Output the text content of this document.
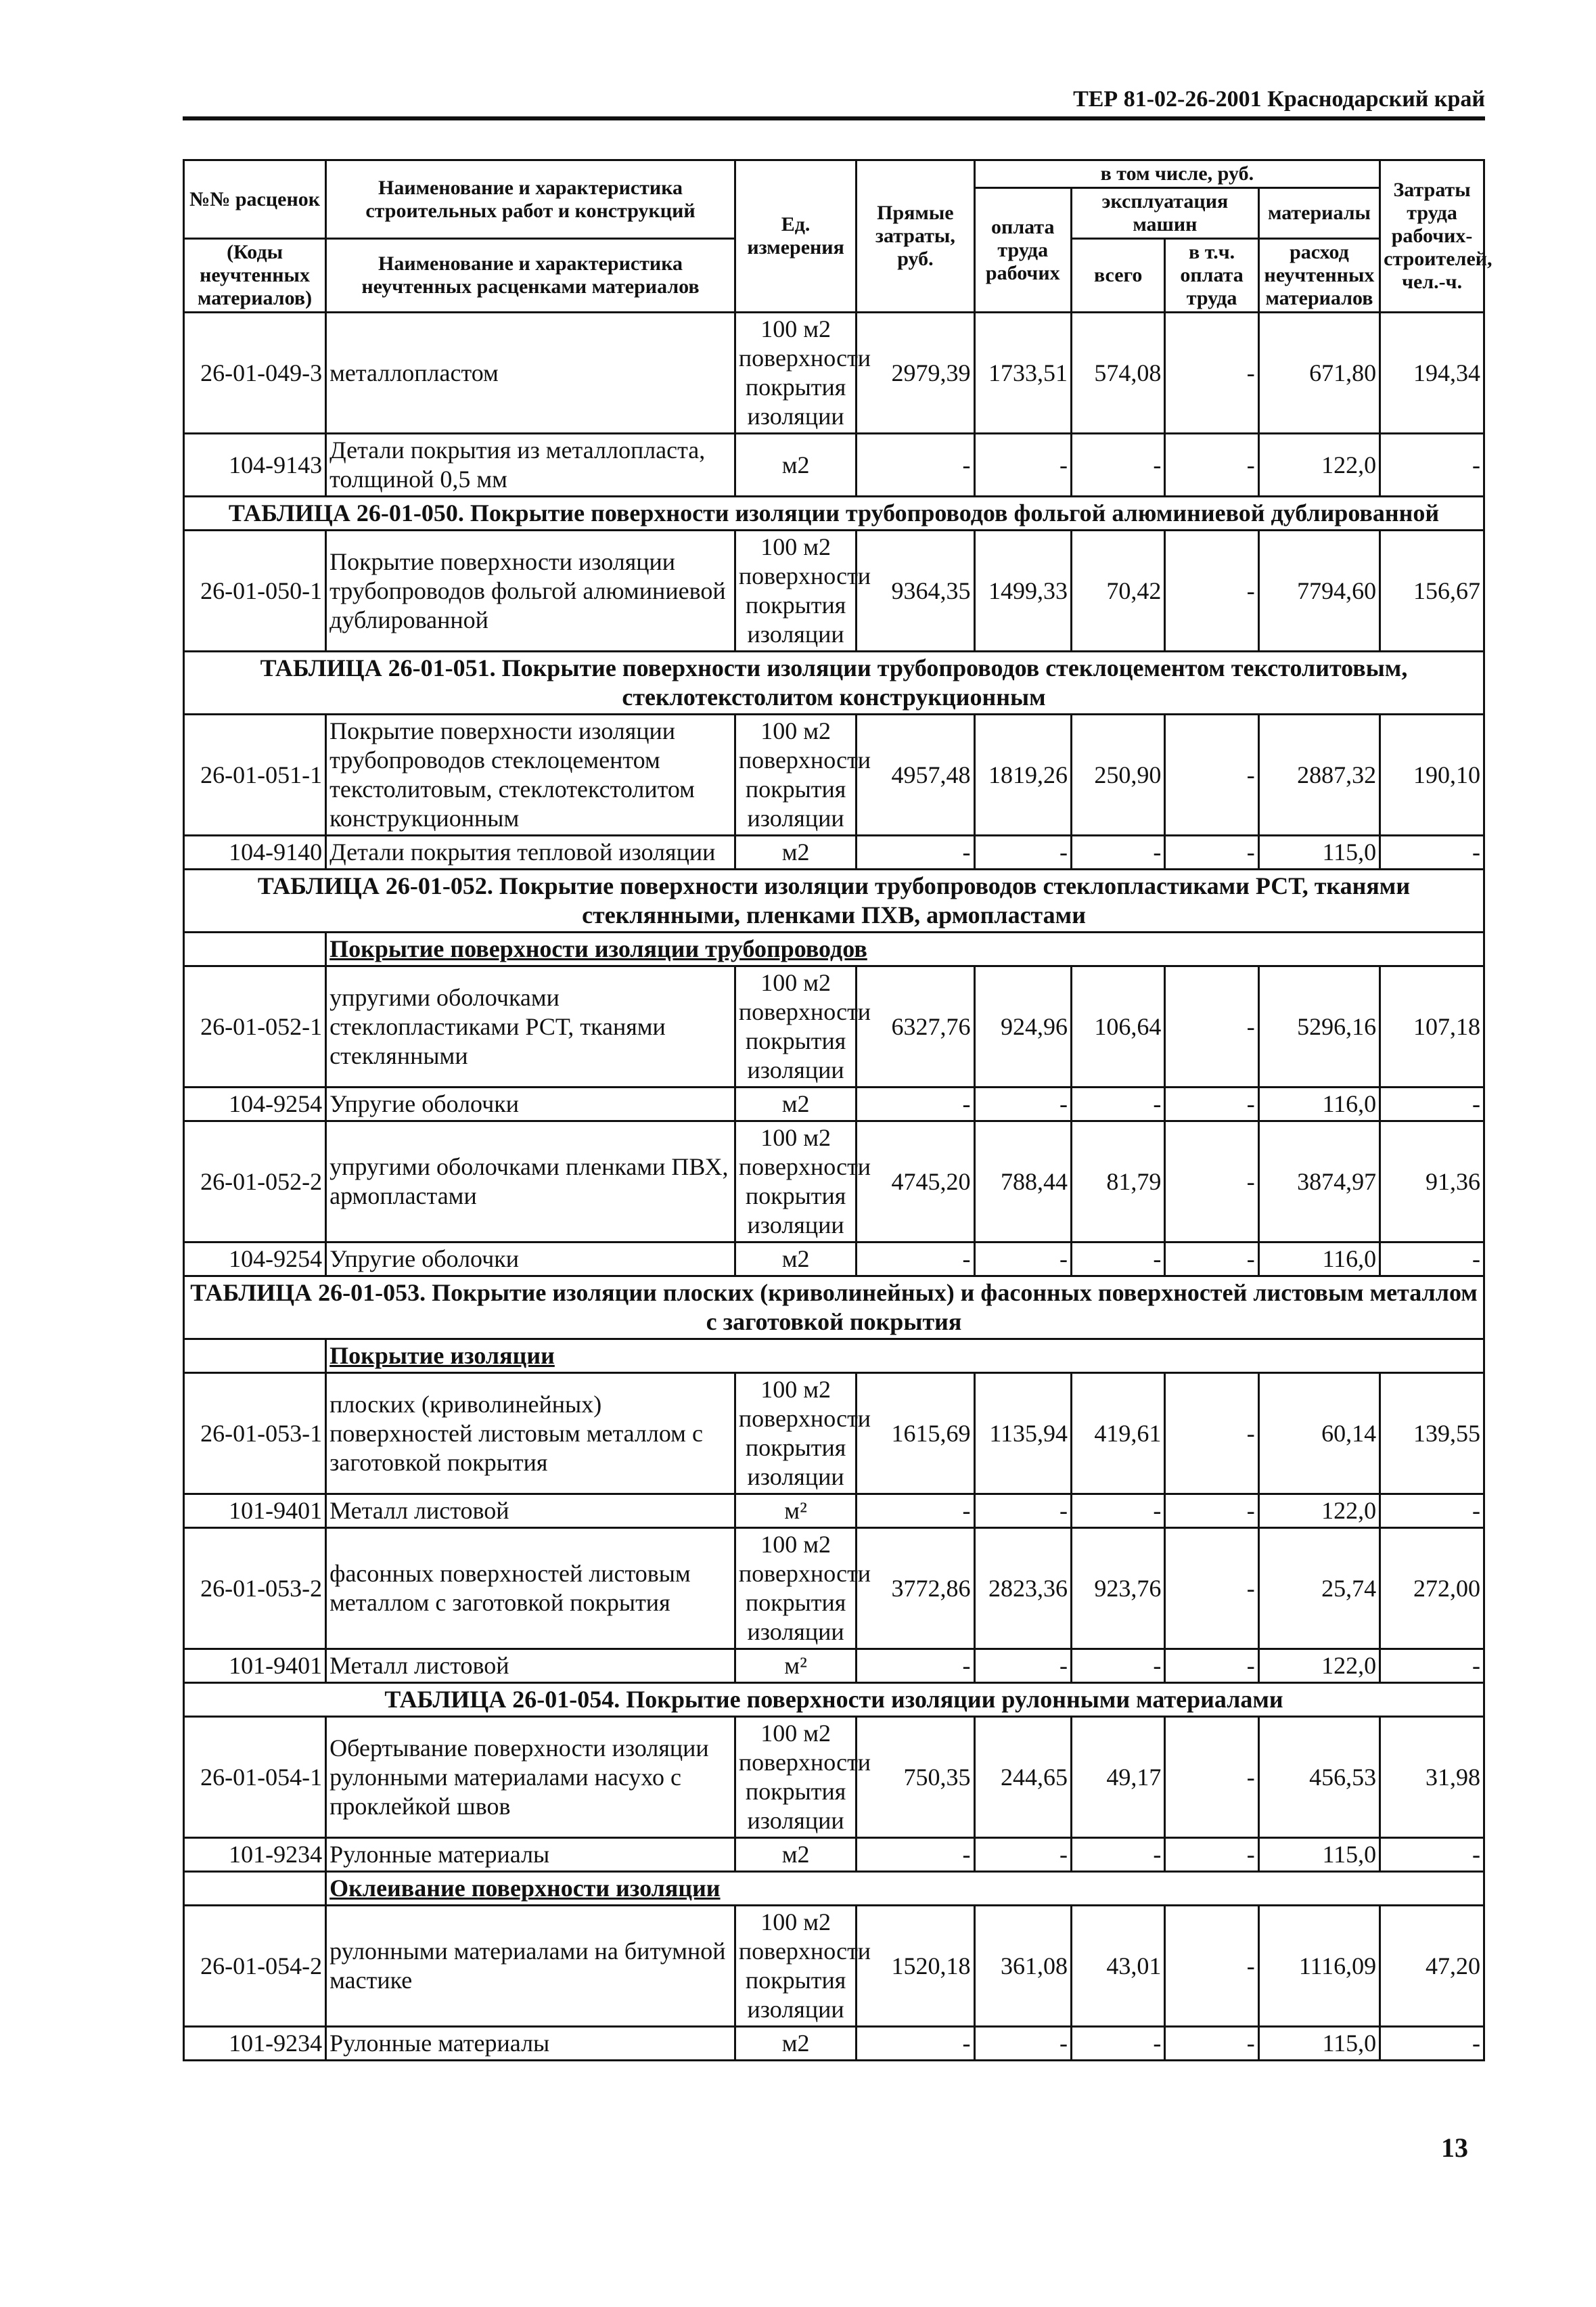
ТЕР 81-02-26-2001 Краснодарский край
№№ расценок	Наименование и характеристика строительных работ и конструкций	Ед. измерения	Прямые затраты, руб.	в том числе, руб.				Затраты труда рабочих-строителей, чел.-ч.
				оплата труда рабочих	эксплуатация машин		материалы	
(Коды неучтенных материалов)	Наименование и характеристика неучтенных расценками материалов				всего	в т.ч. оплата труда	расход неучтенных материалов	

26-01-049-3	металлопластом	100 м2 поверхности покрытия изоляции	2979,39	1733,51	574,08	-	671,80	194,34
104-9143	Детали покрытия из металлопласта, толщиной 0,5 мм	м2	-	-	-	-	122,0	-
ТАБЛИЦА 26-01-050. Покрытие поверхности изоляции трубопроводов фольгой алюминиевой дублированной								
26-01-050-1	Покрытие поверхности изоляции трубопроводов фольгой алюминиевой дублированной	100 м2 поверхности покрытия изоляции	9364,35	1499,33	70,42	-	7794,60	156,67
ТАБЛИЦА 26-01-051. Покрытие поверхности изоляции трубопроводов стеклоцементом текстолитовым, стеклотекстолитом конструкционным								
26-01-051-1	Покрытие поверхности изоляции трубопроводов стеклоцементом текстолитовым, стеклотекстолитом конструкционным	100 м2 поверхности покрытия изоляции	4957,48	1819,26	250,90	-	2887,32	190,10
104-9140	Детали покрытия тепловой изоляции	м2	-	-	-	-	115,0	-
ТАБЛИЦА 26-01-052. Покрытие поверхности изоляции трубопроводов стеклопластиками РСТ, тканями стеклянными, пленками ПХВ, армопластами								
	Покрытие поверхности изоляции трубопроводов							
26-01-052-1	упругими оболочками стеклопластиками РСТ, тканями стеклянными	100 м2 поверхности покрытия изоляции	6327,76	924,96	106,64	-	5296,16	107,18
104-9254	Упругие оболочки	м2	-	-	-	-	116,0	-
26-01-052-2	упругими оболочками пленками ПВХ, армопластами	100 м2 поверхности покрытия изоляции	4745,20	788,44	81,79	-	3874,97	91,36
104-9254	Упругие оболочки	м2	-	-	-	-	116,0	-
ТАБЛИЦА 26-01-053. Покрытие изоляции плоских (криволинейных) и фасонных поверхностей листовым металлом с заготовкой покрытия								
	Покрытие изоляции							
26-01-053-1	плоских (криволинейных) поверхностей листовым металлом с заготовкой покрытия	100 м2 поверхности покрытия изоляции	1615,69	1135,94	419,61	-	60,14	139,55
101-9401	Металл листовой	м²	-	-	-	-	122,0	-
26-01-053-2	фасонных поверхностей листовым металлом с заготовкой покрытия	100 м2 поверхности покрытия изоляции	3772,86	2823,36	923,76	-	25,74	272,00
101-9401	Металл листовой	м²	-	-	-	-	122,0	-
ТАБЛИЦА 26-01-054. Покрытие поверхности изоляции рулонными материалами								
26-01-054-1	Обертывание поверхности изоляции рулонными материалами насухо с проклейкой швов	100 м2 поверхности покрытия изоляции	750,35	244,65	49,17	-	456,53	31,98
101-9234	Рулонные материалы	м2	-	-	-	-	115,0	-
	Оклеивание поверхности изоляции							
26-01-054-2	рулонными материалами на битумной мастике	100 м2 поверхности покрытия изоляции	1520,18	361,08	43,01	-	1116,09	47,20
101-9234	Рулонные материалы	м2	-	-	-	-	115,0	-
13
